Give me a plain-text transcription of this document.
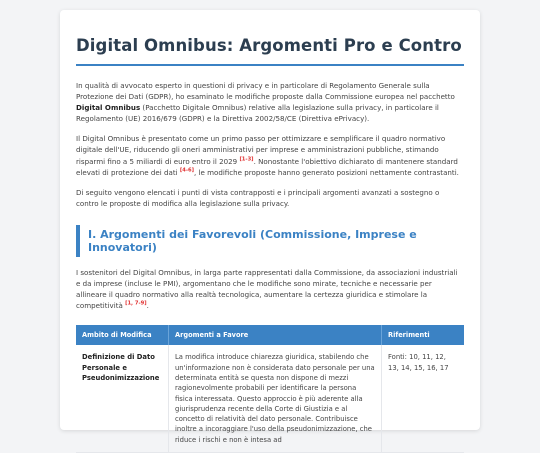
Digital Omnibus: Argomenti Pro e Contro

In qualità di avvocato esperto in questioni di privacy e in particolare di Regolamento Generale sulla Protezione dei Dati (GDPR), ho esaminato le modifiche proposte dalla Commissione europea nel pacchetto Digital Omnibus (Pacchetto Digitale Omnibus) relative alla legislazione sulla privacy, in particolare il Regolamento (UE) 2016/679 (GDPR) e la Direttiva 2002/58/CE (Direttiva ePrivacy).

Il Digital Omnibus è presentato come un primo passo per ottimizzare e semplificare il quadro normativo digitale dell'UE, riducendo gli oneri amministrativi per imprese e amministrazioni pubbliche, stimando risparmi fino a 5 miliardi di euro entro il 2029 [1-3]. Nonostante l'obiettivo dichiarato di mantenere standard elevati di protezione dei dati [4-6], le modifiche proposte hanno generato posizioni nettamente contrastanti.

Di seguito vengono elencati i punti di vista contrapposti e i principali argomenti avanzati a sostegno o contro le proposte di modifica alla legislazione sulla privacy.

I. Argomenti dei Favorevoli (Commissione, Imprese e Innovatori)

I sostenitori del Digital Omnibus, in larga parte rappresentati dalla Commissione, da associazioni industriali e da imprese (incluse le PMI), argomentano che le modifiche sono mirate, tecniche e necessarie per allineare il quadro normativo alla realtà tecnologica, aumentare la certezza giuridica e stimolare la competitività [1, 7-9].

Ambito di Modifica	Argomenti a Favore	Riferimenti
Definizione di Dato Personale e Pseudonimizzazione	La modifica introduce chiarezza giuridica, stabilendo che un'informazione non è considerata dato personale per una determinata entità se questa non dispone di mezzi ragionevolmente probabili per identificare la persona fisica interessata. Questo approccio è più aderente alla giurisprudenza recente della Corte di Giustizia e al concetto di relatività del dato personale. Contribuisce inoltre a incoraggiare l'uso della pseudonimizzazione, che riduce i rischi e non è intesa ad	Fonti: 10, 11, 12, 13, 14, 15, 16, 17
